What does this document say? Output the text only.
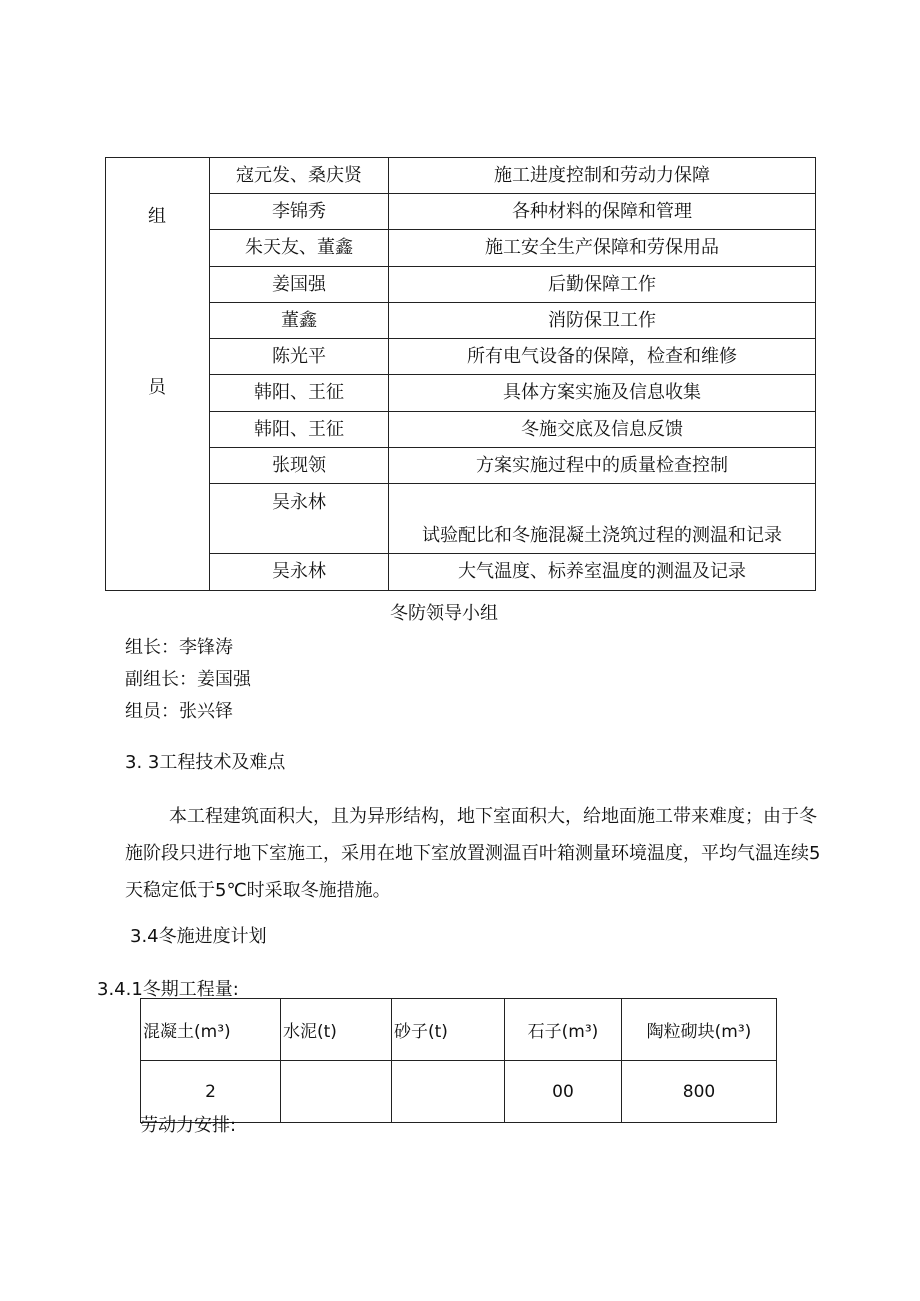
	寇元发、桑庆贤	施工进度控制和劳动力保障
	李锦秀	各种材料的保障和管理
	朱天友、董鑫	施工安全生产保障和劳保用品
	姜国强	后勤保障工作
	董鑫	消防保卫工作
	陈光平	所有电气设备的保障，检查和维修
	韩阳、王征	具体方案实施及信息收集
	韩阳、王征	冬施交底及信息反馈
	张现领	方案实施过程中的质量检查控制
	吴永林	试验配比和冬施混凝土浇筑过程的测温和记录
	吴永林	大气温度、标养室温度的测温及记录
组
员
冬防领导小组
组长：李锋涛
副组长：姜国强
组员：张兴铎
3. 3工程技术及难点
本工程建筑面积大，且为异形结构，地下室面积大，给地面施工带来难度；由于冬施阶段只进行地下室施工，采用在地下室放置测温百叶箱测量环境温度，平均气温连续5天稳定低于5℃时采取冬施措施。
3.4冬施进度计划
3.4.1冬期工程量:
混凝土(m³)	水泥(t)	砂子(t)	石子(m³)	陶粒砌块(m³)
2			00	800
劳动力安排:
